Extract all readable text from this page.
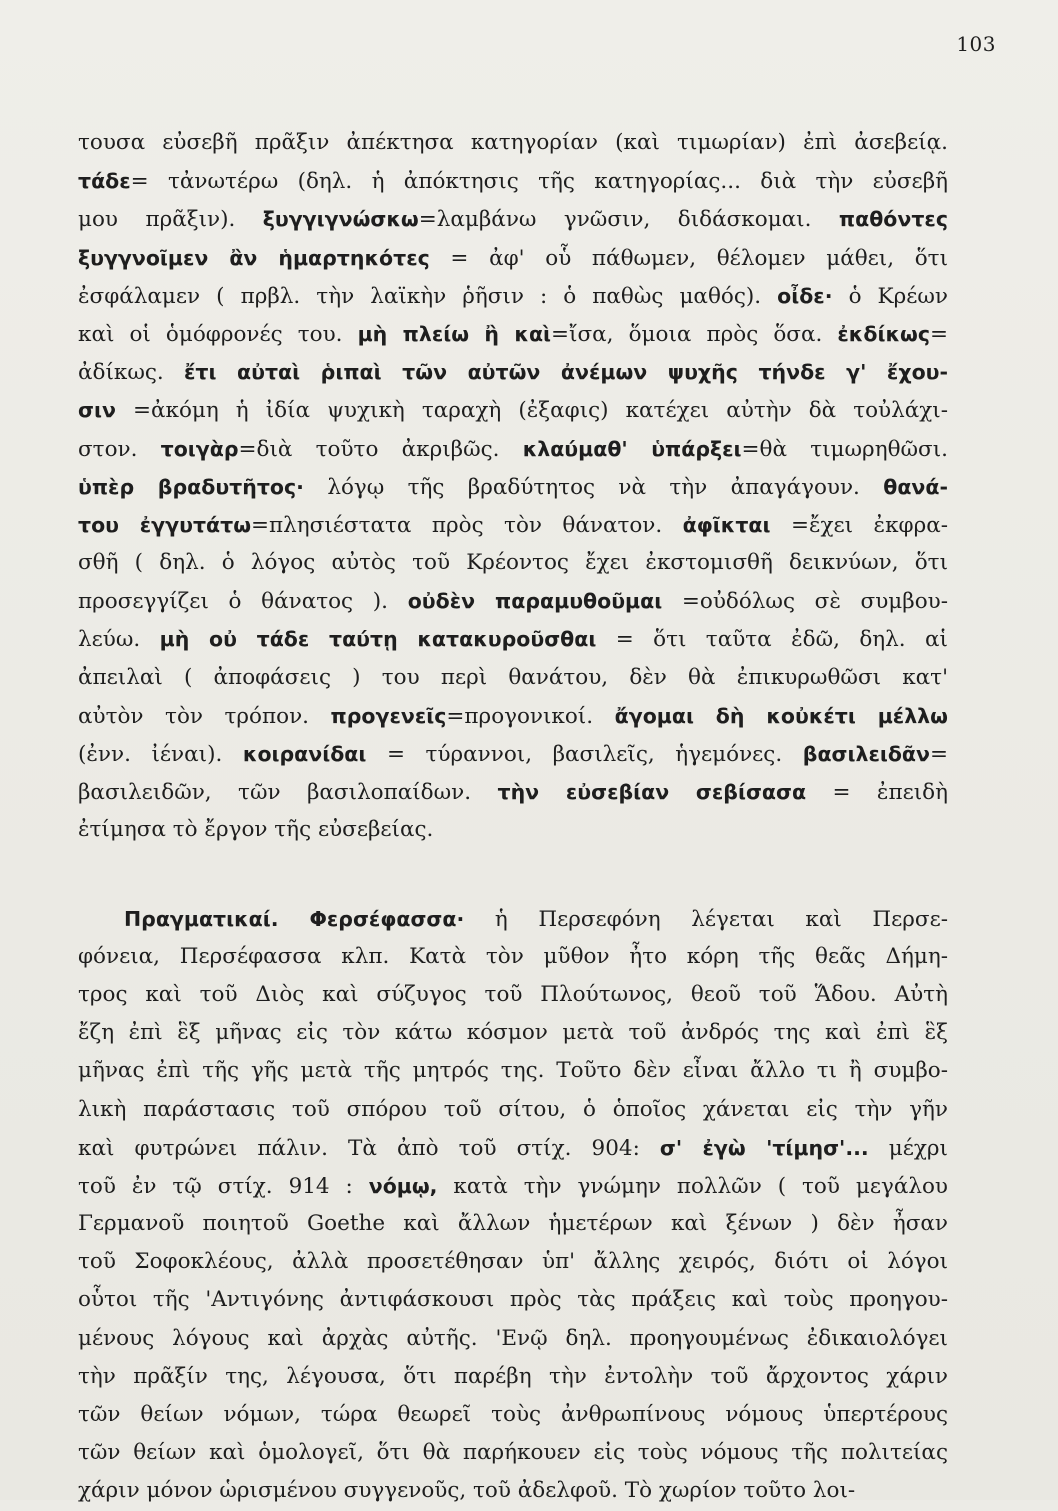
103
τουσα εὐσεβῆ πρᾶξιν ἀπέκτησα κατηγορίαν (καὶ τιμωρίαν) ἐπὶ ἀσεβείᾳ.
τάδε= τἀνωτέρω (δηλ. ἡ ἀπόκτησις τῆς κατηγορίας... διὰ τὴν εὐσεβῆ
μου πρᾶξιν). ξυγγιγνώσκω=λαμβάνω γνῶσιν, διδάσκομαι. παθόντες
ξυγγνοῖμεν ἂν ἡμαρτηκότες = ἀφ' οὗ πάθωμεν, θέλομεν μάθει, ὅτι
ἐσφάλαμεν ( πρβλ. τὴν λαϊκὴν ῥῆσιν : ὁ παθὼς μαθός). οἶδε· ὁ Κρέων
καὶ οἱ ὁμόφρονές του. μὴ πλείω ἢ καὶ=ἴσα, ὅμοια πρὸς ὅσα. ἐκδίκως=
ἀδίκως. ἔτι αὐταὶ ῥιπαὶ τῶν αὐτῶν ἀνέμων ψυχῆς τήνδε γ' ἔχου-
σιν =ἀκόμη ἡ ἰδία ψυχικὴ ταραχὴ (ἐξαφις) κατέχει αὐτὴν δὰ τοὐλάχι-
στον. τοιγὰρ=διὰ τοῦτο ἀκριβῶς. κλαύμαθ' ὑπάρξει=θὰ τιμωρηθῶσι.
ὑπὲρ βραδυτῆτος· λόγῳ τῆς βραδύτητος νὰ τὴν ἀπαγάγουν. θανά-
του ἐγγυτάτω=πλησιέστατα πρὸς τὸν θάνατον. ἀφῖκται =ἔχει ἐκφρα-
σθῆ ( δηλ. ὁ λόγος αὐτὸς τοῦ Κρέοντος ἔχει ἐκστομισθῆ δεικνύων, ὅτι
προσεγγίζει ὁ θάνατος ). οὐδὲν παραμυθοῦμαι =οὐδόλως σὲ συμβου-
λεύω. μὴ οὐ τάδε ταύτῃ κατακυροῦσθαι = ὅτι ταῦτα ἐδῶ, δηλ. αἱ
ἀπειλαὶ ( ἀποφάσεις ) του περὶ θανάτου, δὲν θὰ ἐπικυρωθῶσι κατ'
αὐτὸν τὸν τρόπον. προγενεῖς=προγονικοί. ἄγομαι δὴ κοὐκέτι μέλλω
(ἐνν. ἰέναι). κοιρανίδαι = τύραννοι, βασιλεῖς, ἡγεμόνες. βασιλειδᾶν=
βασιλειδῶν, τῶν βασιλοπαίδων. τὴν εὐσεβίαν σεβίσασα = ἐπειδὴ
ἐτίμησα τὸ ἔργον τῆς εὐσεβείας.
Πραγματικαί. Φερσέφασσα· ἡ Περσεφόνη λέγεται καὶ Περσε-
φόνεια, Περσέφασσα κλπ. Κατὰ τὸν μῦθον ἦτο κόρη τῆς θεᾶς Δήμη-
τρος καὶ τοῦ Διὸς καὶ σύζυγος τοῦ Πλούτωνος, θεοῦ τοῦ Ἅδου. Αὐτὴ
ἔζη ἐπὶ ἓξ μῆνας εἰς τὸν κάτω κόσμον μετὰ τοῦ ἀνδρός της καὶ ἐπὶ ἓξ
μῆνας ἐπὶ τῆς γῆς μετὰ τῆς μητρός της. Τοῦτο δὲν εἶναι ἄλλο τι ἢ συμβο-
λικὴ παράστασις τοῦ σπόρου τοῦ σίτου, ὁ ὁποῖος χάνεται εἰς τὴν γῆν
καὶ φυτρώνει πάλιν. Τὰ ἀπὸ τοῦ στίχ. 904: σ' ἐγὼ 'τίμησ'... μέχρι
τοῦ ἐν τῷ στίχ. 914 : νόμῳ, κατὰ τὴν γνώμην πολλῶν ( τοῦ μεγάλου
Γερμανοῦ ποιητοῦ Goethe καὶ ἄλλων ἡμετέρων καὶ ξένων ) δὲν ἦσαν
τοῦ Σοφοκλέους, ἀλλὰ προσετέθησαν ὑπ' ἄλλης χειρός, διότι οἱ λόγοι
οὗτοι τῆς 'Αντιγόνης ἀντιφάσκουσι πρὸς τὰς πράξεις καὶ τοὺς προηγου-
μένους λόγους καὶ ἀρχὰς αὐτῆς. 'Ενῷ δηλ. προηγουμένως ἐδικαιολόγει
τὴν πρᾶξίν της, λέγουσα, ὅτι παρέβη τὴν ἐντολὴν τοῦ ἄρχοντος χάριν
τῶν θείων νόμων, τώρα θεωρεῖ τοὺς ἀνθρωπίνους νόμους ὑπερτέρους
τῶν θείων καὶ ὁμολογεῖ, ὅτι θὰ παρήκουεν εἰς τοὺς νόμους τῆς πολιτείας
χάριν μόνον ὡρισμένου συγγενοῦς, τοῦ ἀδελφοῦ. Τὸ χωρίον τοῦτο λοι-
